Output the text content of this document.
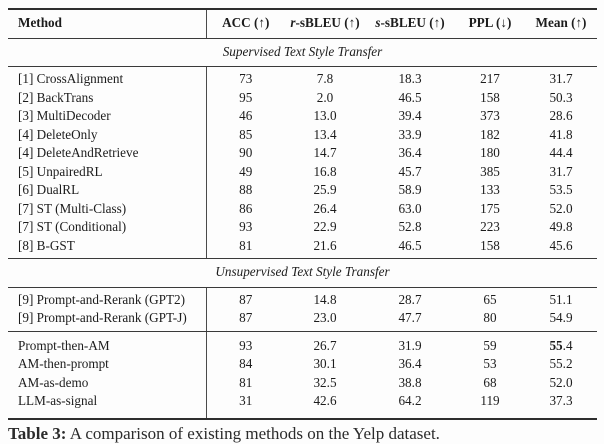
Method	ACC (↑)	r-sBLEU (↑)	s-sBLEU (↑)	PPL (↓)	Mean (↑)
Supervised Text Style Transfer					
[1] CrossAlignment	73	7.8	18.3	217	31.7
[2] BackTrans	95	2.0	46.5	158	50.3
[3] MultiDecoder	46	13.0	39.4	373	28.6
[4] DeleteOnly	85	13.4	33.9	182	41.8
[4] DeleteAndRetrieve	90	14.7	36.4	180	44.4
[5] UnpairedRL	49	16.8	45.7	385	31.7
[6] DualRL	88	25.9	58.9	133	53.5
[7] ST (Multi-Class)	86	26.4	63.0	175	52.0
[7] ST (Conditional)	93	22.9	52.8	223	49.8
[8] B-GST	81	21.6	46.5	158	45.6
Unsupervised Text Style Transfer					
[9] Prompt-and-Rerank (GPT2)	87	14.8	28.7	65	51.1
[9] Prompt-and-Rerank (GPT-J)	87	23.0	47.7	80	54.9
Prompt-then-AM	93	26.7	31.9	59	55.4
AM-then-prompt	84	30.1	36.4	53	55.2
AM-as-demo	81	32.5	38.8	68	52.0
LLM-as-signal	31	42.6	64.2	119	37.3
Table 3: A comparison of existing methods on the Yelp dataset.
